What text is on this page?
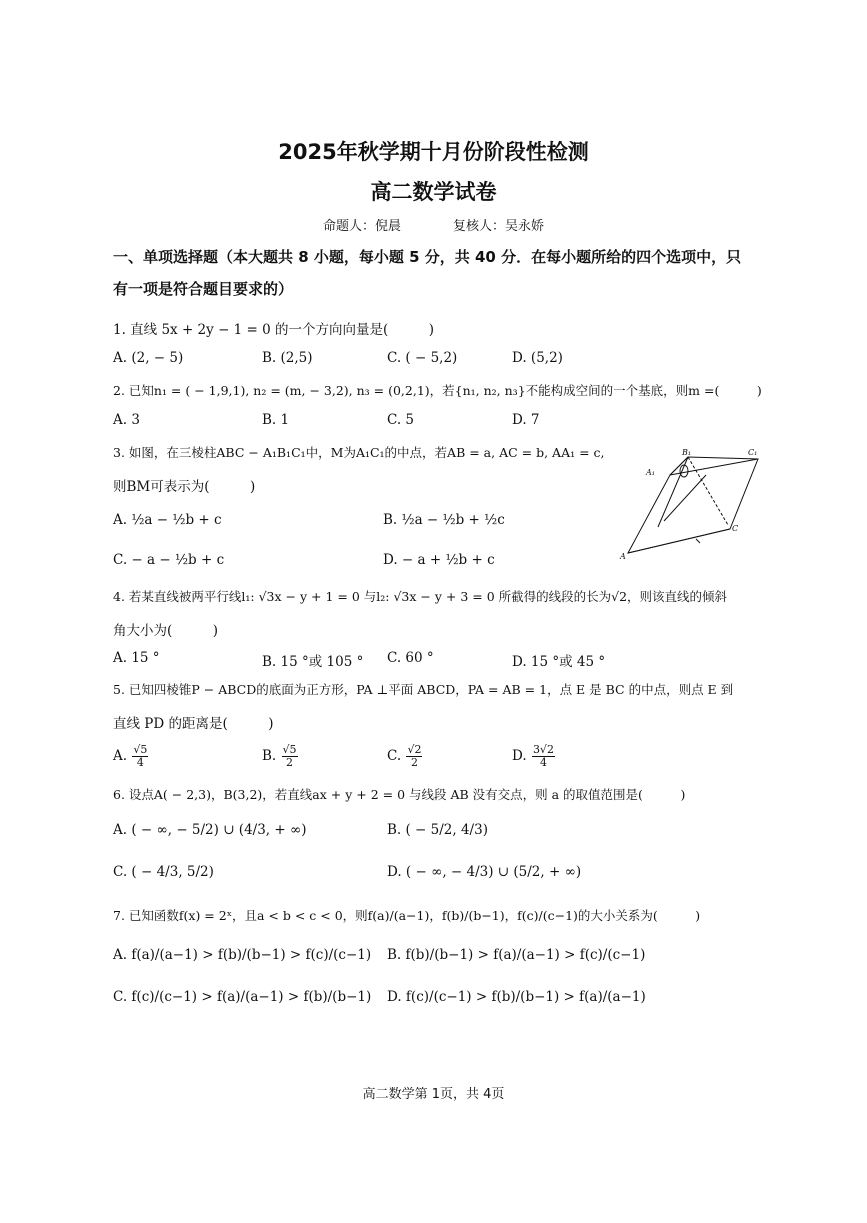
2025年秋学期十月份阶段性检测
高二数学试卷
命题人：倪晨　　　　复核人：吴永娇
一、单项选择题（本大题共 8 小题，每小题 5 分，共 40 分．在每小题所给的四个选项中，只
有一项是符合题目要求的）
1. 直线 5x + 2y − 1 = 0 的一个方向向量是(　　　)
A. (2, − 5)	B. (2,5)	C. ( − 5,2)	D. (5,2)
2. 已知n₁ = ( − 1,9,1), n₂ = (m, − 3,2), n₃ = (0,2,1)，若{n₁, n₂, n₃}不能构成空间的一个基底，则m =(　　　)
A. 3	B. 1	C. 5	D. 7
3. 如图，在三棱柱ABC − A₁B₁C₁中，M为A₁C₁的中点，若AB = a, AC = b, AA₁ = c,
则BM可表示为(　　　)
A. ½a − ½b + c	B. ½a − ½b + ½c
C. − a − ½b + c	D. − a + ½b + c
B₁	C₁
A₁
C
A
4. 若某直线被两平行线l₁: √3x − y + 1 = 0 与l₂: √3x − y + 3 = 0 所截得的线段的长为√2，则该直线的倾斜
角大小为(　　　)
A. 15 °	B. 15 °或 105 ° C. 60 °	D. 15 °或 45 °
5. 已知四棱锥P − ABCD的底面为正方形，PA ⊥平面 ABCD，PA = AB = 1，点 E 是 BC 的中点，则点 E 到
直线 PD 的距离是(　　　)
A. $\frac{√5}{4}$	B. $\frac{√5}{2}$	C. $\frac{√2}{2}$	D. $\frac{3√2}{4}$
6. 设点A( − 2,3)，B(3,2)，若直线ax + y + 2 = 0 与线段 AB 没有交点，则 a 的取值范围是(　　　)
A. ( − ∞, − 5/2) ∪ (4/3, + ∞)	B. ( − 5/2, 4/3)
C. ( − 4/3, 5/2)	D. ( − ∞, − 4/3) ∪ (5/2, + ∞)
7. 已知函数f(x) = 2ˣ，且a < b < c < 0，则f(a)/(a−1)，f(b)/(b−1)，f(c)/(c−1)的大小关系为(　　　)
A. f(a)/(a−1) > f(b)/(b−1) > f(c)/(c−1) B. f(b)/(b−1) > f(a)/(a−1) > f(c)/(c−1)
C. f(c)/(c−1) > f(a)/(a−1) > f(b)/(b−1) D. f(c)/(c−1) > f(b)/(b−1) > f(a)/(a−1)
高二数学第 1页，共 4页
